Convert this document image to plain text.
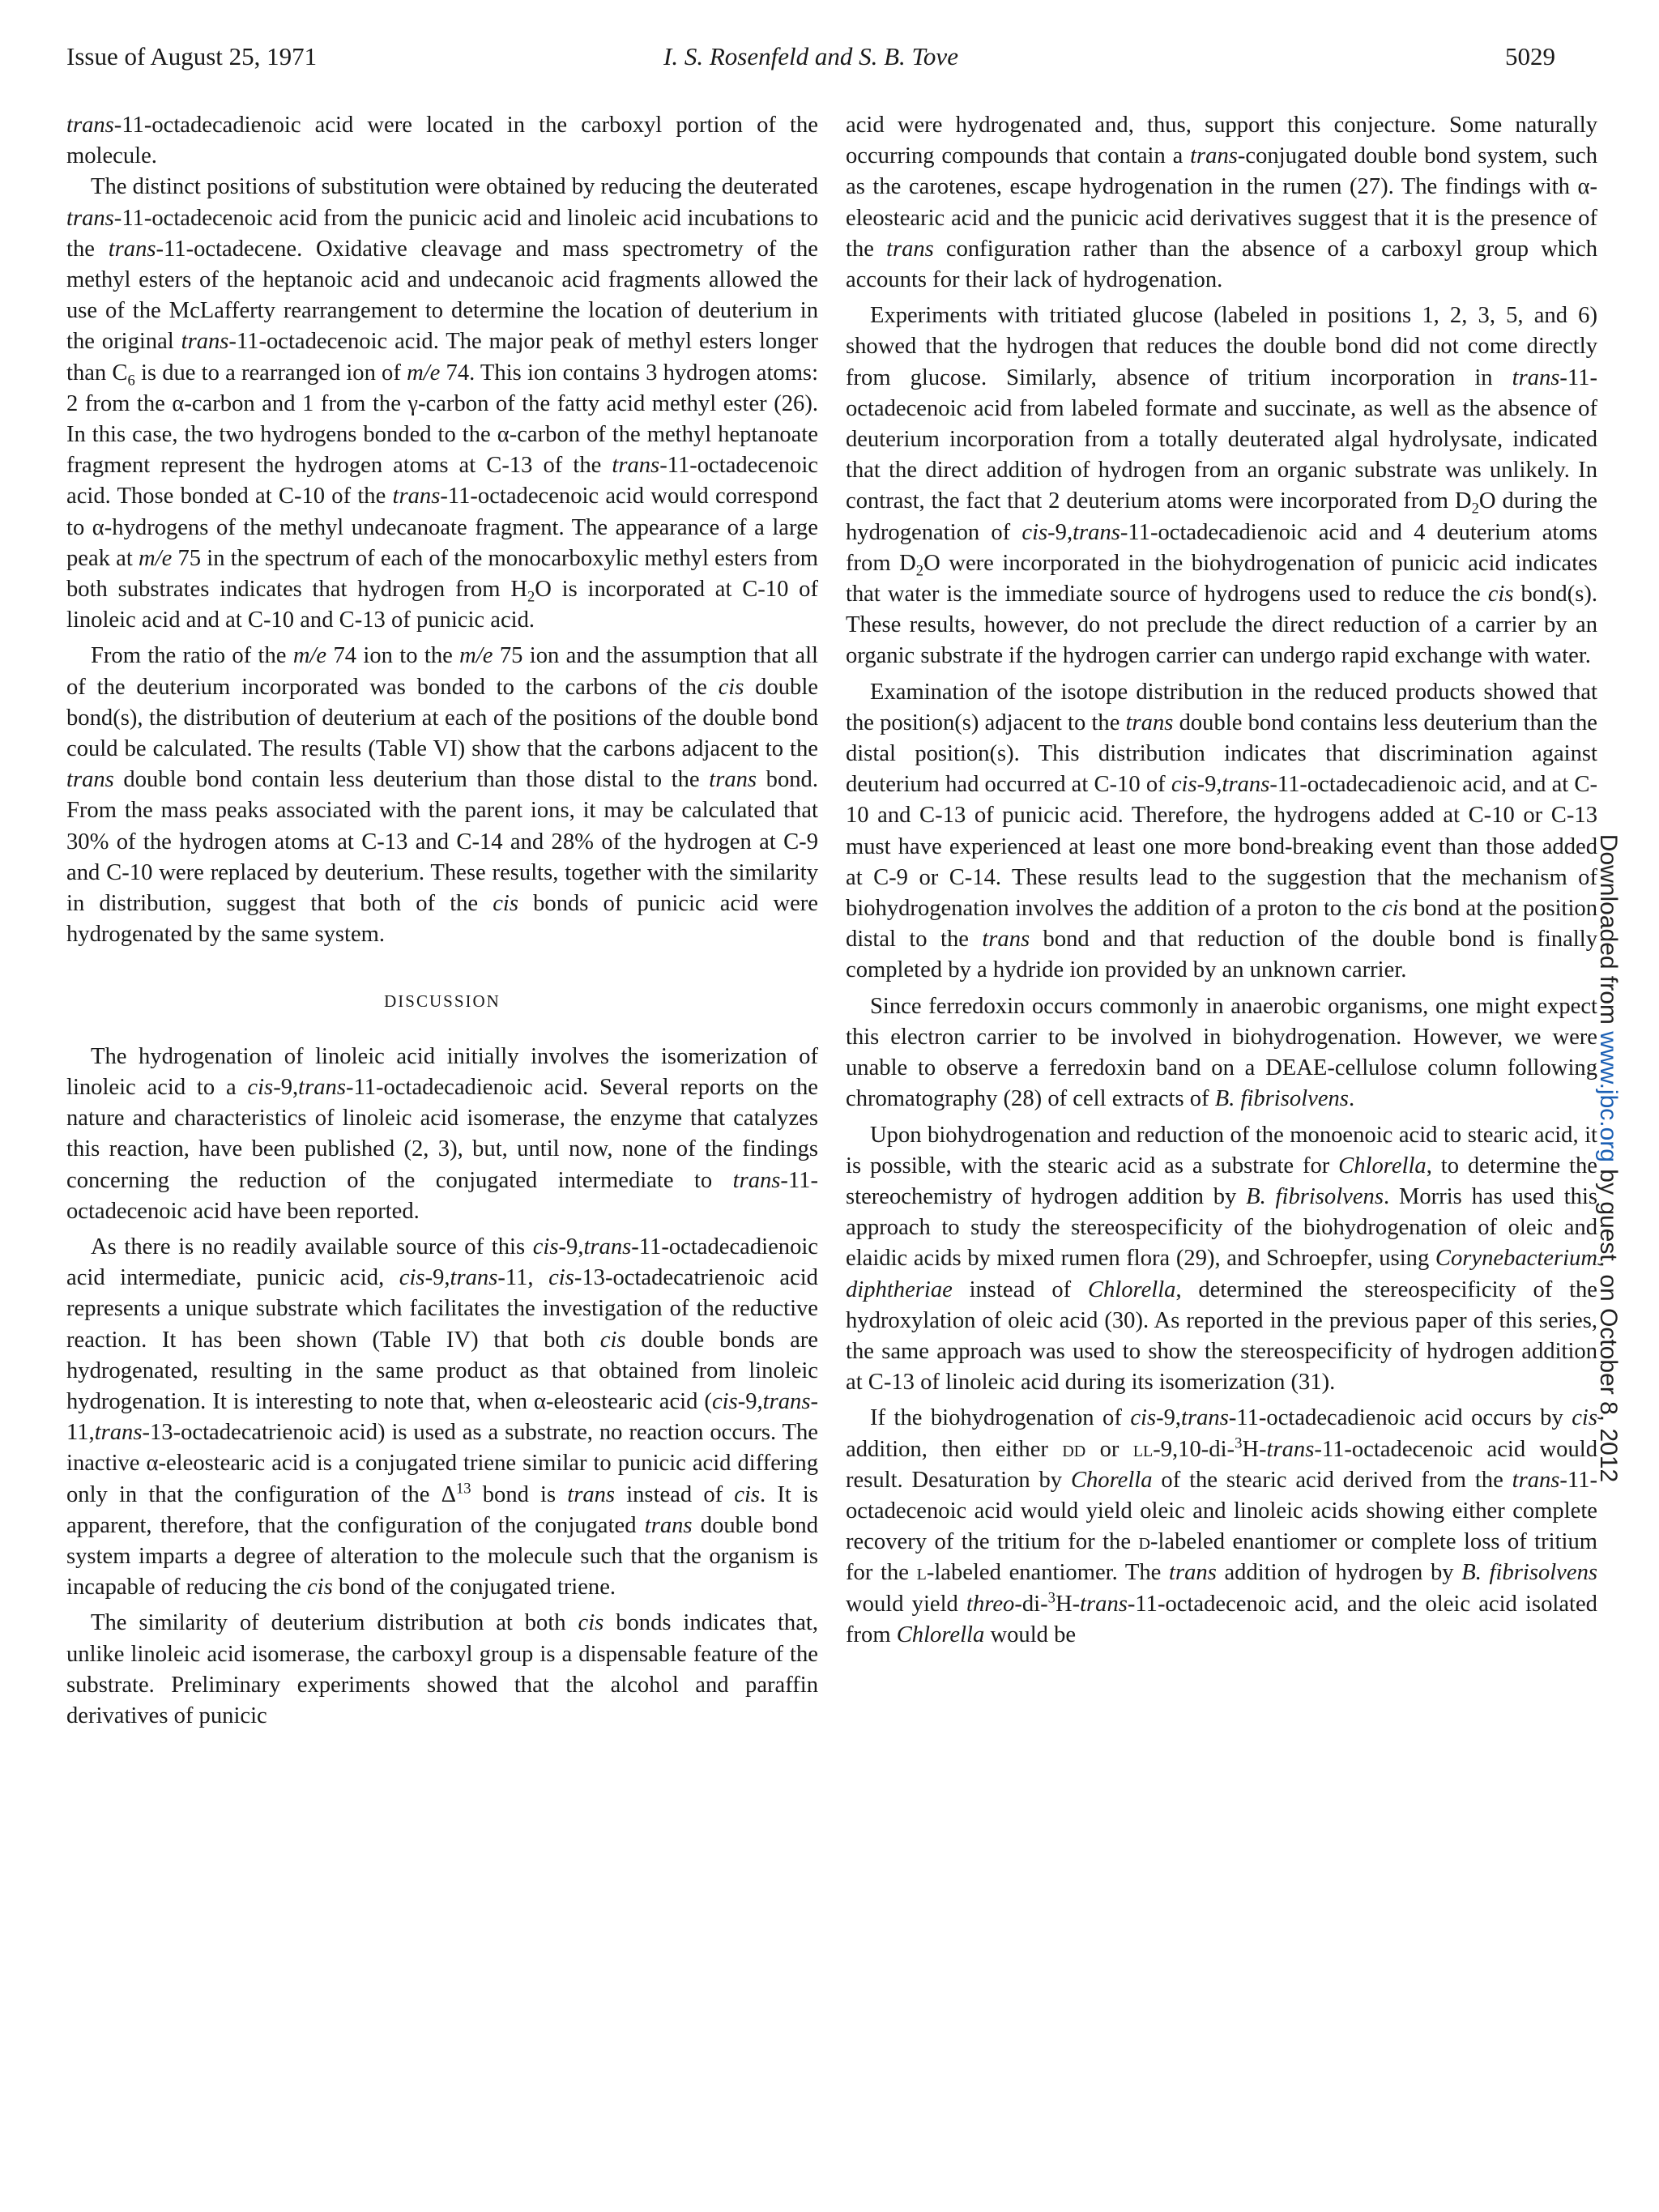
Issue of August 25, 1971	I. S. Rosenfeld and S. B. Tove	5029

trans-11-octadecadienoic acid were located in the carboxyl portion of the molecule.

The distinct positions of substitution were obtained by reducing the deuterated trans-11-octadecenoic acid from the punicic acid and linoleic acid incubations to the trans-11-octadecene. Oxidative cleavage and mass spectrometry of the methyl esters of the heptanoic acid and undecanoic acid fragments allowed the use of the McLafferty rearrangement to determine the location of deuterium in the original trans-11-octadecenoic acid. The major peak of methyl esters longer than $C_6$ is due to a rearranged ion of m/e 74. This ion contains 3 hydrogen atoms: 2 from the α-carbon and 1 from the γ-carbon of the fatty acid methyl ester (26). In this case, the two hydrogens bonded to the α-carbon of the methyl heptanoate fragment represent the hydrogen atoms at C-13 of the trans-11-octadecenoic acid. Those bonded at C-10 of the trans-11-octadecenoic acid would correspond to α-hydrogens of the methyl undecanoate fragment. The appearance of a large peak at m/e 75 in the spectrum of each of the monocarboxylic methyl esters from both substrates indicates that hydrogen from $H_2O$ is incorporated at C-10 of linoleic acid and at C-10 and C-13 of punicic acid.

From the ratio of the m/e 74 ion to the m/e 75 ion and the assumption that all of the deuterium incorporated was bonded to the carbons of the cis double bond(s), the distribution of deuterium at each of the positions of the double bond could be calculated. The results (Table VI) show that the carbons adjacent to the trans double bond contain less deuterium than those distal to the trans bond. From the mass peaks associated with the parent ions, it may be calculated that 30% of the hydrogen atoms at C-13 and C-14 and 28% of the hydrogen at C-9 and C-10 were replaced by deuterium. These results, together with the similarity in distribution, suggest that both of the cis bonds of punicic acid were hydrogenated by the same system.

DISCUSSION

The hydrogenation of linoleic acid initially involves the isomerization of linoleic acid to a cis-9,trans-11-octadecadienoic acid. Several reports on the nature and characteristics of linoleic acid isomerase, the enzyme that catalyzes this reaction, have been published (2, 3), but, until now, none of the findings concerning the reduction of the conjugated intermediate to trans-11-octadecenoic acid have been reported.

As there is no readily available source of this cis-9,trans-11-octadecadienoic acid intermediate, punicic acid, cis-9,trans-11, cis-13-octadecatrienoic acid represents a unique substrate which facilitates the investigation of the reductive reaction. It has been shown (Table IV) that both cis double bonds are hydrogenated, resulting in the same product as that obtained from linoleic hydrogenation. It is interesting to note that, when α-eleostearic acid (cis-9,trans-11,trans-13-octadecatrienoic acid) is used as a substrate, no reaction occurs. The inactive α-eleostearic acid is a conjugated triene similar to punicic acid differing only in that the configuration of the $\Delta^{13}$ bond is trans instead of cis. It is apparent, therefore, that the configuration of the conjugated trans double bond system imparts a degree of alteration to the molecule such that the organism is incapable of reducing the cis bond of the conjugated triene.

The similarity of deuterium distribution at both cis bonds indicates that, unlike linoleic acid isomerase, the carboxyl group is a dispensable feature of the substrate. Preliminary experiments showed that the alcohol and paraffin derivatives of punicic

acid were hydrogenated and, thus, support this conjecture. Some naturally occurring compounds that contain a trans-conjugated double bond system, such as the carotenes, escape hydrogenation in the rumen (27). The findings with α-eleostearic acid and the punicic acid derivatives suggest that it is the presence of the trans configuration rather than the absence of a carboxyl group which accounts for their lack of hydrogenation.

Experiments with tritiated glucose (labeled in positions 1, 2, 3, 5, and 6) showed that the hydrogen that reduces the double bond did not come directly from glucose. Similarly, absence of tritium incorporation in trans-11-octadecenoic acid from labeled formate and succinate, as well as the absence of deuterium incorporation from a totally deuterated algal hydrolysate, indicated that the direct addition of hydrogen from an organic substrate was unlikely. In contrast, the fact that 2 deuterium atoms were incorporated from $D_2O$ during the hydrogenation of cis-9,trans-11-octadecadienoic acid and 4 deuterium atoms from $D_2O$ were incorporated in the biohydrogenation of punicic acid indicates that water is the immediate source of hydrogens used to reduce the cis bond(s). These results, however, do not preclude the direct reduction of a carrier by an organic substrate if the hydrogen carrier can undergo rapid exchange with water.

Examination of the isotope distribution in the reduced products showed that the position(s) adjacent to the trans double bond contains less deuterium than the distal position(s). This distribution indicates that discrimination against deuterium had occurred at C-10 of cis-9,trans-11-octadecadienoic acid, and at C-10 and C-13 of punicic acid. Therefore, the hydrogens added at C-10 or C-13 must have experienced at least one more bond-breaking event than those added at C-9 or C-14. These results lead to the suggestion that the mechanism of biohydrogenation involves the addition of a proton to the cis bond at the position distal to the trans bond and that reduction of the double bond is finally completed by a hydride ion provided by an unknown carrier.

Since ferredoxin occurs commonly in anaerobic organisms, one might expect this electron carrier to be involved in biohydrogenation. However, we were unable to observe a ferredoxin band on a DEAE-cellulose column following chromatography (28) of cell extracts of B. fibrisolvens.

Upon biohydrogenation and reduction of the monoenoic acid to stearic acid, it is possible, with the stearic acid as a substrate for Chlorella, to determine the stereochemistry of hydrogen addition by B. fibrisolvens. Morris has used this approach to study the stereospecificity of the biohydrogenation of oleic and elaidic acids by mixed rumen flora (29), and Schroepfer, using Corynebacterium diphtheriae instead of Chlorella, determined the stereospecificity of the hydroxylation of oleic acid (30). As reported in the previous paper of this series, the same approach was used to show the stereospecificity of hydrogen addition at C-13 of linoleic acid during its isomerization (31).

If the biohydrogenation of cis-9,trans-11-octadecadienoic acid occurs by cis addition, then either dd or ll-9,10-di-$^3$H-trans-11-octadecenoic acid would result. Desaturation by Chorella of the stearic acid derived from the trans-11-octadecenoic acid would yield oleic and linoleic acids showing either complete recovery of the tritium for the d-labeled enantiomer or complete loss of tritium for the l-labeled enantiomer. The trans addition of hydrogen by B. fibrisolvens would yield threo-di-$^3$H-trans-11-octadecenoic acid, and the oleic acid isolated from Chlorella would be

Downloaded from www.jbc.org by guest, on October 8, 2012
